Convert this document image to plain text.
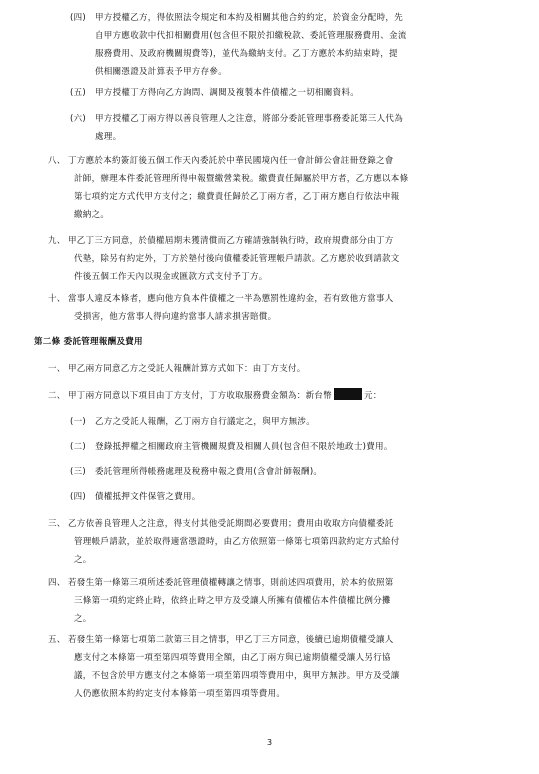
(四) 甲方授權乙方，得依照法令規定和本約及相關其他合約約定，於資金分配時，先
自甲方應收款中代扣相關費用(包含但不限於扣繳稅款、委託管理服務費用、金流
服務費用、及政府機關規費等)，並代為繳納支付。乙丁方應於本約結束時，提
供相關憑證及計算表予甲方存參。
(五) 甲方授權丁方得向乙方詢問、調閱及複製本件債權之一切相關資料。
(六) 甲方授權乙丁兩方得以善良管理人之注意，將部分委託管理事務委託第三人代為
處理。
八、 丁方應於本約簽訂後五個工作天內委託於中華民國境內任一會計師公會註冊登錄之會
計師，辦理本件委託管理所得申報暨繳營業稅。繳費責任歸屬於甲方者，乙方應以本條
第七項約定方式代甲方支付之；繳費責任歸於乙丁兩方者，乙丁兩方應自行依法申報
繳納之。
九、 甲乙丁三方同意，於債權屆期未獲清償而乙方確請強制執行時，政府規費部分由丁方
代墊，除另有約定外，丁方於墊付後向債權委託管理帳戶請款。乙方應於收到請款文
件後五個工作天內以現金或匯款方式支付予丁方。
十、 當事人違反本條者，應向他方負本件債權之一半為懲罰性違約金，若有致他方當事人
受損害，他方當事人得向違約當事人請求損害賠償。
第二條 委託管理報酬及費用
一、 甲乙兩方同意乙方之受託人報酬計算方式如下：由丁方支付。
二、 甲丁兩方同意以下項目由丁方支付，丁方收取服務費金額為：新台幣	元：
(一) 乙方之受託人報酬，乙丁兩方自行議定之，與甲方無涉。
(二) 登錄抵押權之相關政府主管機關規費及相關人員(包含但不限於地政士)費用。
(三) 委託管理所得帳務處理及稅務申報之費用(含會計師報酬)。
(四) 債權抵押文件保管之費用。
三、 乙方依善良管理人之注意，得支付其他受託期間必要費用；費用由收取方向債權委託
管理帳戶請款，並於取得適當憑證時，由乙方依照第一條第七項第四款約定方式給付
之。
四、 若發生第一條第三項所述委託管理債權轉讓之情事，則前述四項費用，於本約依照第
三條第一項約定終止時，依終止時之甲方及受讓人所擁有債權佔本件債權比例分攤
之。
五、 若發生第一條第七項第二款第三目之情事，甲乙丁三方同意，後續已逾期債權受讓人
應支付之本條第一項至第四項等費用全額，由乙丁兩方與已逾期債權受讓人另行協
議，不包含於甲方應支付之本條第一項至第四項等費用中，與甲方無涉。甲方及受讓
人仍應依照本約約定支付本條第一項至第四項等費用。
3
